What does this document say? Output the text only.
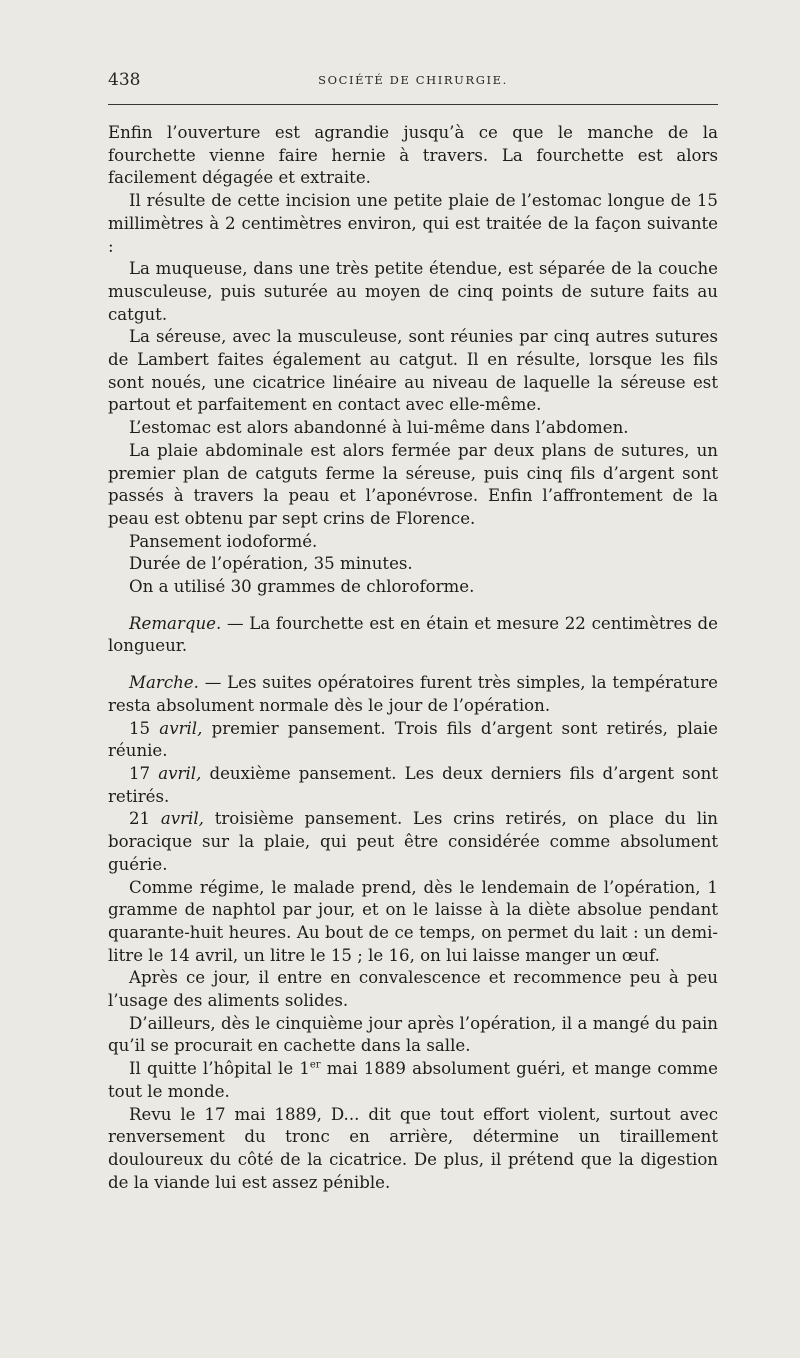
438	SOCIÉTÉ DE CHIRURGIE.

Enfin l’ouverture est agrandie jusqu’à ce que le manche de la fourchette vienne faire hernie à travers. La fourchette est alors facilement dégagée et extraite.

Il résulte de cette incision une petite plaie de l’estomac longue de 15 millimètres à 2 centimètres environ, qui est traitée de la façon suivante :

La muqueuse, dans une très petite étendue, est séparée de la couche musculeuse, puis suturée au moyen de cinq points de suture faits au catgut.

La séreuse, avec la musculeuse, sont réunies par cinq autres sutures de Lambert faites également au catgut. Il en résulte, lorsque les fils sont noués, une cicatrice linéaire au niveau de laquelle la séreuse est partout et parfaitement en contact avec elle-même.

L’estomac est alors abandonné à lui-même dans l’abdomen.

La plaie abdominale est alors fermée par deux plans de sutures, un premier plan de catguts ferme la séreuse, puis cinq fils d’argent sont passés à travers la peau et l’aponévrose. Enfin l’affrontement de la peau est obtenu par sept crins de Florence.

Pansement iodoformé.

Durée de l’opération, 35 minutes.

On a utilisé 30 grammes de chloroforme.

Remarque. — La fourchette est en étain et mesure 22 centimètres de longueur.

Marche. — Les suites opératoires furent très simples, la température resta absolument normale dès le jour de l’opération.

15 avril, premier pansement. Trois fils d’argent sont retirés, plaie réunie.

17 avril, deuxième pansement. Les deux derniers fils d’argent sont retirés.

21 avril, troisième pansement. Les crins retirés, on place du lin boracique sur la plaie, qui peut être considérée comme absolument guérie.

Comme régime, le malade prend, dès le lendemain de l’opération, 1 gramme de naphtol par jour, et on le laisse à la diète absolue pendant quarante-huit heures. Au bout de ce temps, on permet du lait : un demi-litre le 14 avril, un litre le 15 ; le 16, on lui laisse manger un œuf.

Après ce jour, il entre en convalescence et recommence peu à peu l’usage des aliments solides.

D’ailleurs, dès le cinquième jour après l’opération, il a mangé du pain qu’il se procurait en cachette dans la salle.

Il quitte l’hôpital le 1er mai 1889 absolument guéri, et mange comme tout le monde.

Revu le 17 mai 1889, D... dit que tout effort violent, surtout avec renversement du tronc en arrière, détermine un tiraillement douloureux du côté de la cicatrice. De plus, il prétend que la digestion de la viande lui est assez pénible.
